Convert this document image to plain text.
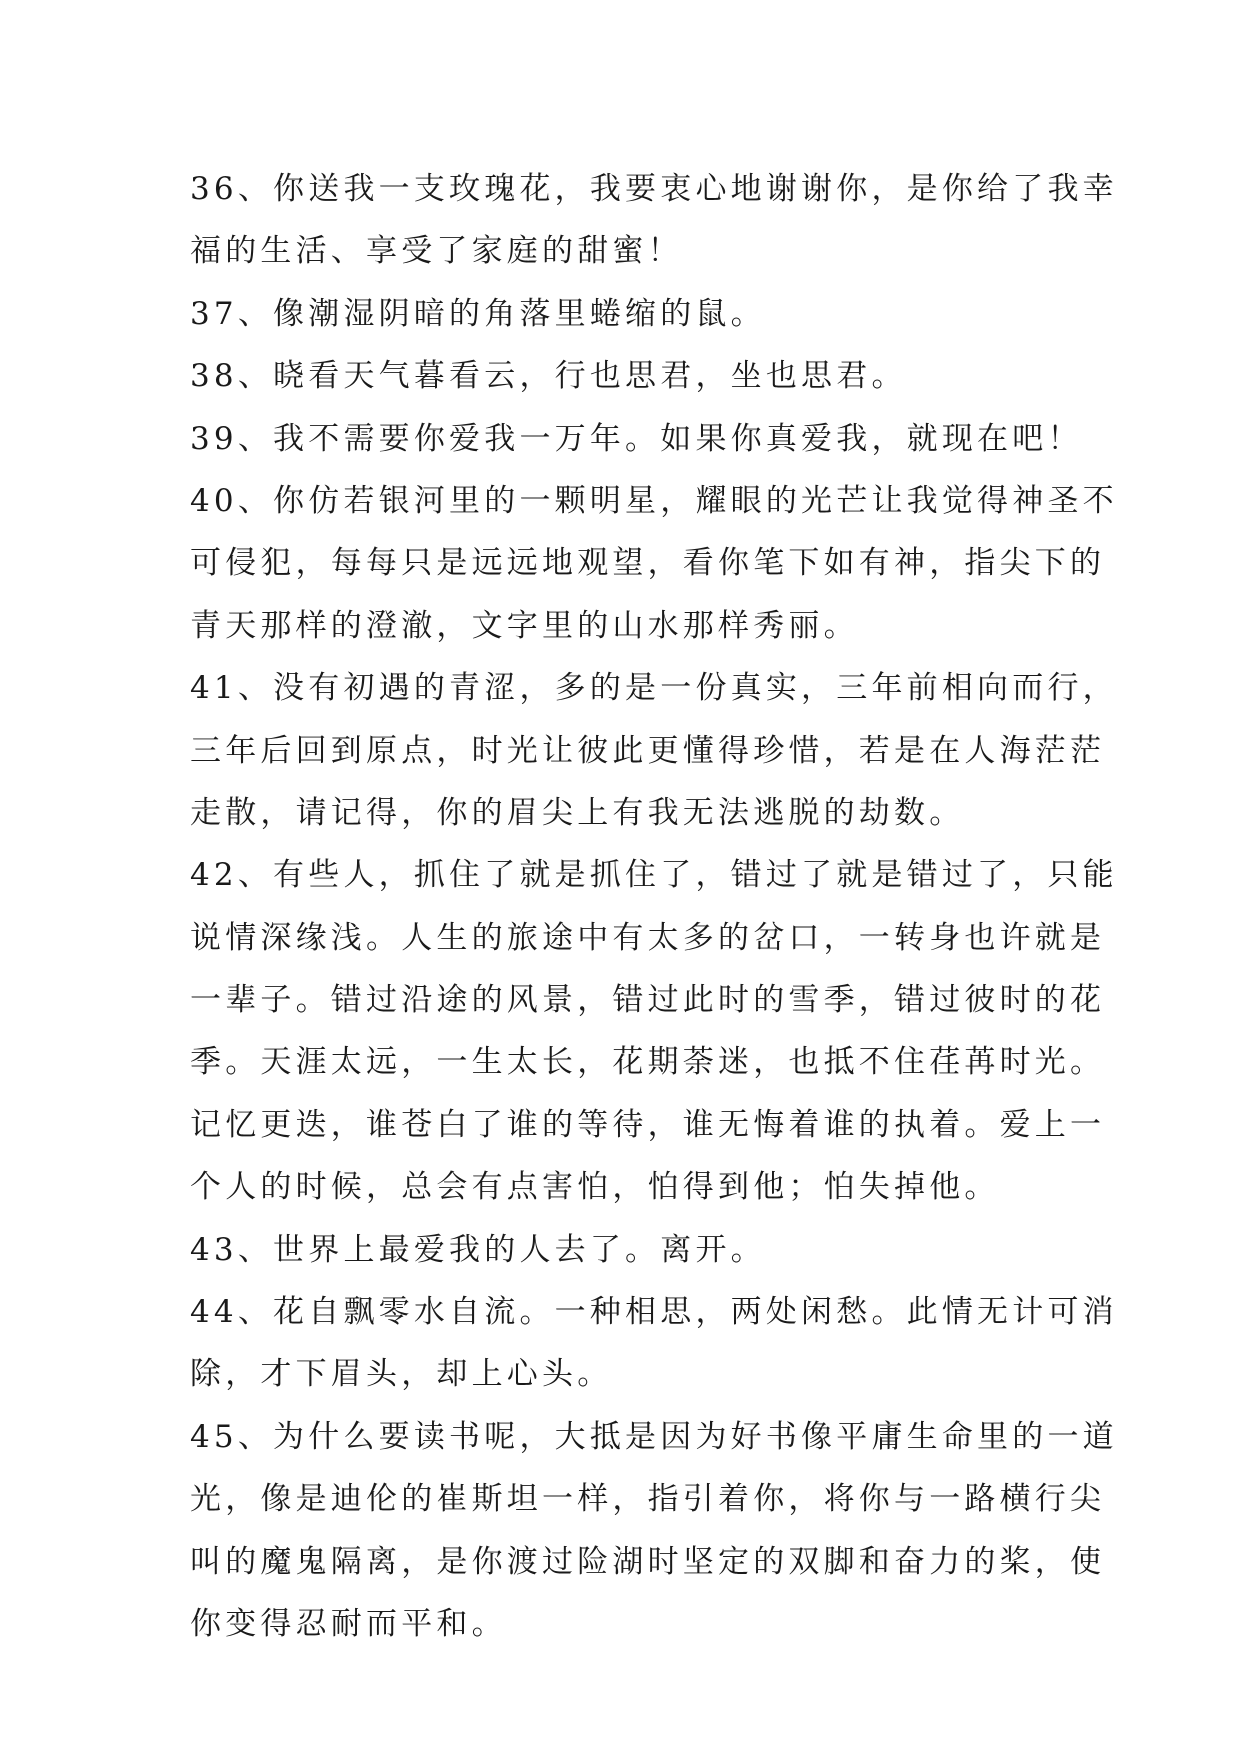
36、你送我一支玫瑰花，我要衷心地谢谢你，是你给了我幸
福的生活、享受了家庭的甜蜜！
37、像潮湿阴暗的角落里蜷缩的鼠。
38、晓看天气暮看云，行也思君，坐也思君。
39、我不需要你爱我一万年。如果你真爱我，就现在吧！
40、你仿若银河里的一颗明星，耀眼的光芒让我觉得神圣不
可侵犯，每每只是远远地观望，看你笔下如有神，指尖下的
青天那样的澄澈，文字里的山水那样秀丽。
41、没有初遇的青涩，多的是一份真实，三年前相向而行，
三年后回到原点，时光让彼此更懂得珍惜，若是在人海茫茫
走散，请记得，你的眉尖上有我无法逃脱的劫数。
42、有些人，抓住了就是抓住了，错过了就是错过了，只能
说情深缘浅。人生的旅途中有太多的岔口，一转身也许就是
一辈子。错过沿途的风景，错过此时的雪季，错过彼时的花
季。天涯太远，一生太长，花期荼迷，也抵不住荏苒时光。
记忆更迭，谁苍白了谁的等待，谁无悔着谁的执着。爱上一
个人的时候，总会有点害怕，怕得到他；怕失掉他。
43、世界上最爱我的人去了。离开。
44、花自飘零水自流。一种相思，两处闲愁。此情无计可消
除，才下眉头，却上心头。
45、为什么要读书呢，大抵是因为好书像平庸生命里的一道
光，像是迪伦的崔斯坦一样，指引着你，将你与一路横行尖
叫的魔鬼隔离，是你渡过险湖时坚定的双脚和奋力的桨，使
你变得忍耐而平和。
